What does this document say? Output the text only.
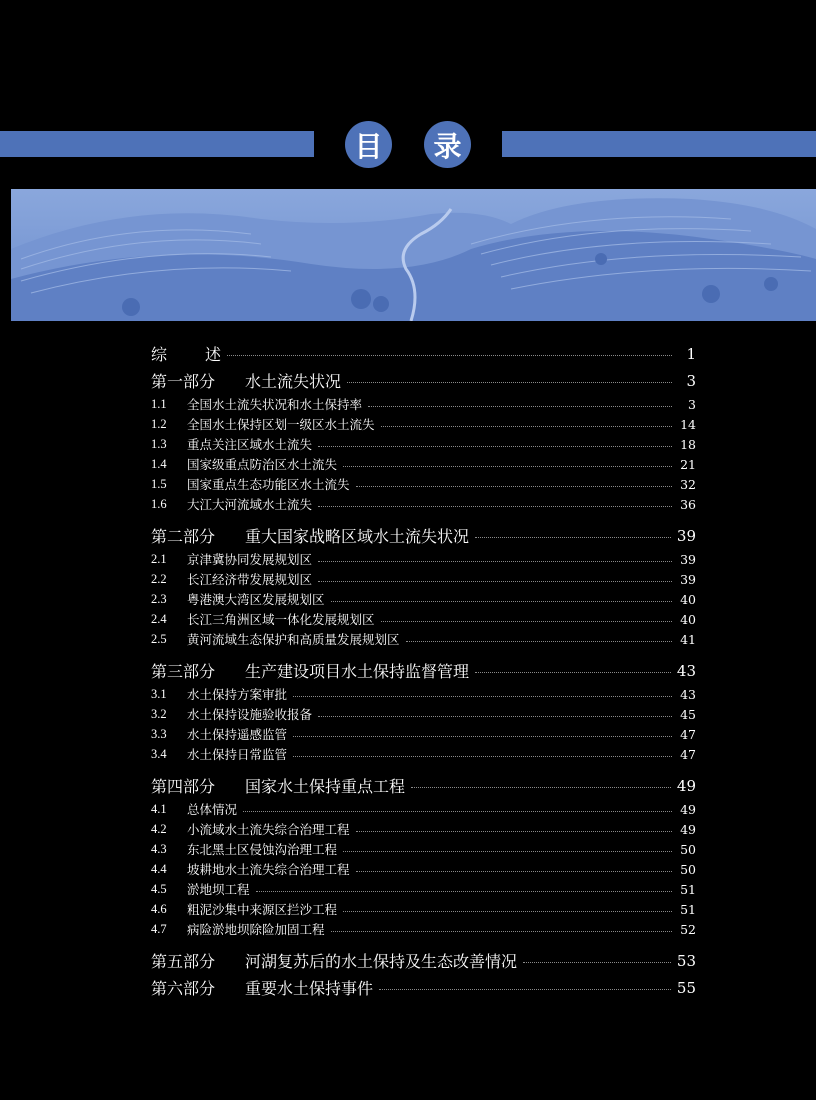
目 录
综	述	1
第一部分	水土流失状况	3
1.1	全国水土流失状况和水土保持率	3
1.2	全国水土保持区划一级区水土流失	14
1.3	重点关注区域水土流失	18
1.4	国家级重点防治区水土流失	21
1.5	国家重点生态功能区水土流失	32
1.6	大江大河流域水土流失	36
第二部分	重大国家战略区域水土流失状况	39
2.1	京津冀协同发展规划区	39
2.2	长江经济带发展规划区	39
2.3	粤港澳大湾区发展规划区	40
2.4	长江三角洲区域一体化发展规划区	40
2.5	黄河流域生态保护和高质量发展规划区	41
第三部分	生产建设项目水土保持监督管理	43
3.1	水土保持方案审批	43
3.2	水土保持设施验收报备	45
3.3	水土保持遥感监管	47
3.4	水土保持日常监管	47
第四部分	国家水土保持重点工程	49
4.1	总体情况	49
4.2	小流域水土流失综合治理工程	49
4.3	东北黑土区侵蚀沟治理工程	50
4.4	坡耕地水土流失综合治理工程	50
4.5	淤地坝工程	51
4.6	粗泥沙集中来源区拦沙工程	51
4.7	病险淤地坝除险加固工程	52
第五部分	河湖复苏后的水土保持及生态改善情况	53
第六部分	重要水土保持事件	55
